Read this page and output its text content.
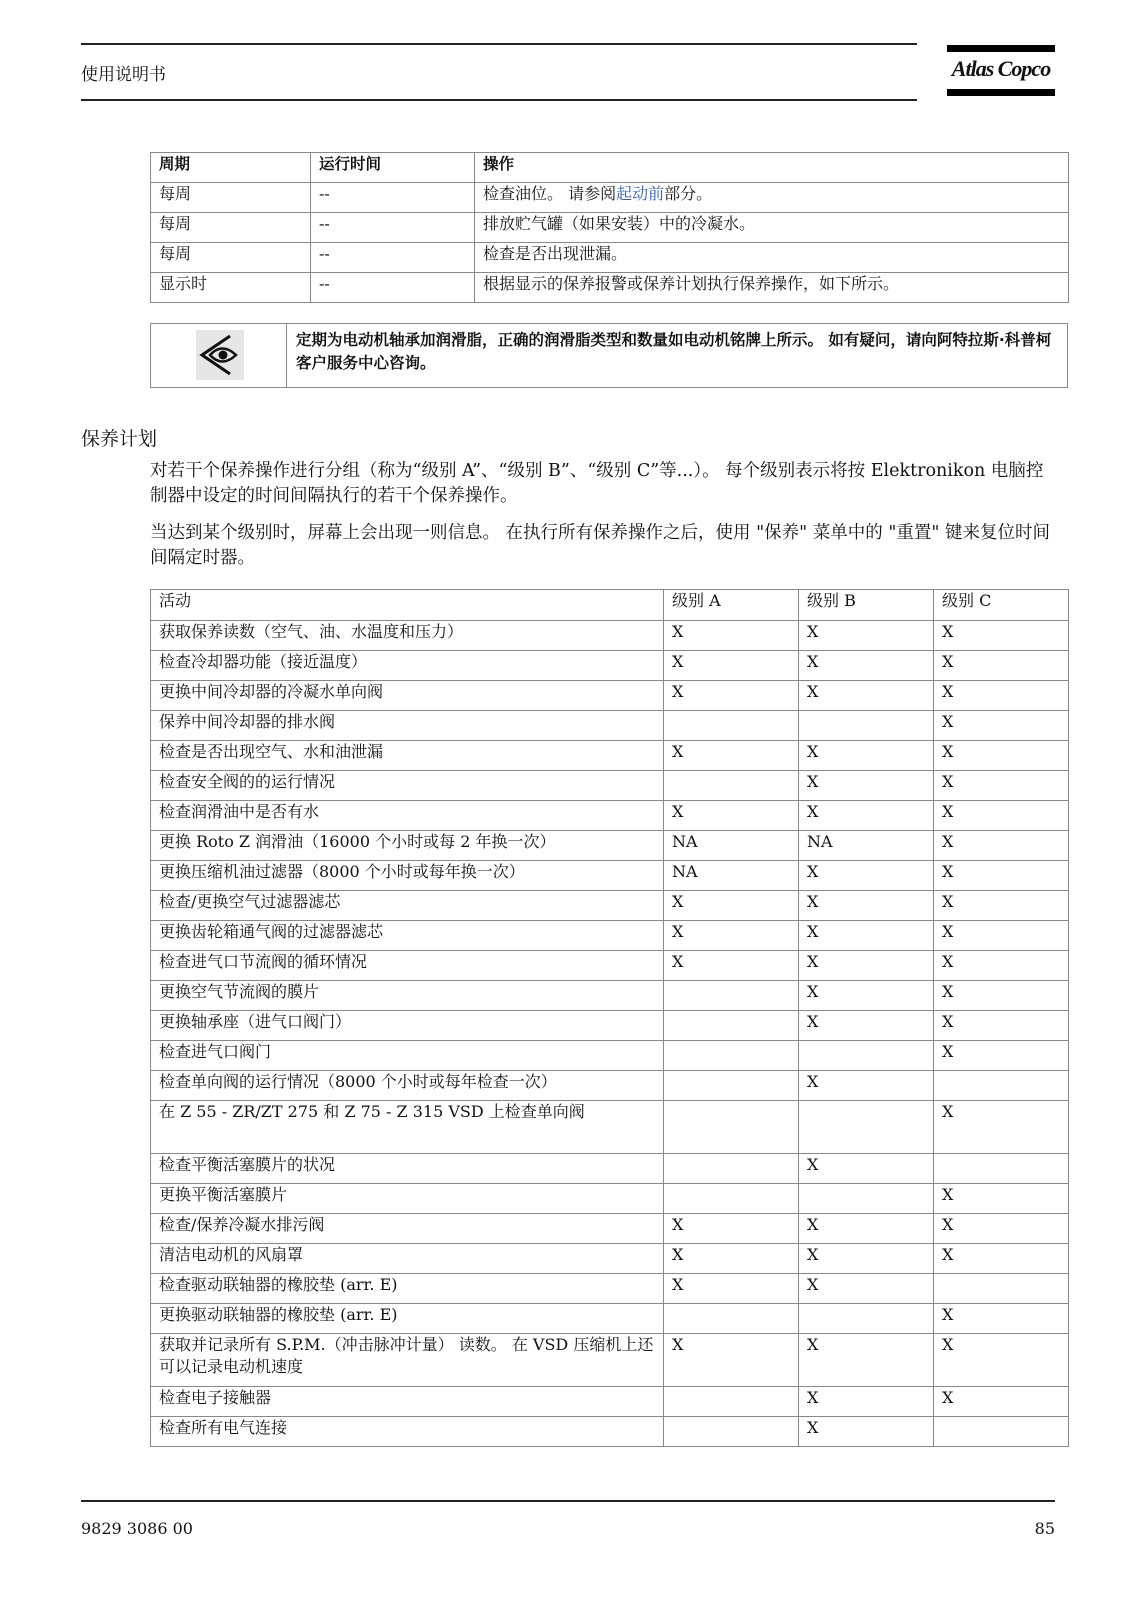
使用说明书	Atlas Copco
周期	运行时间	操作
每周	--	检查油位。 请参阅起动前部分。
每周	--	排放贮气罐（如果安装）中的冷凝水。
每周	--	检查是否出现泄漏。
显示时	--	根据显示的保养报警或保养计划执行保养操作，如下所示。
定期为电动机轴承加润滑脂，正确的润滑脂类型和数量如电动机铭牌上所示。 如有疑问，请向阿特拉斯·科普柯客户服务中心咨询。
保养计划
对若干个保养操作进行分组（称为“级别 A”、“级别 B”、“级别 C”等...）。 每个级别表示将按 Elektronikon 电脑控制器中设定的时间间隔执行的若干个保养操作。
当达到某个级别时，屏幕上会出现一则信息。 在执行所有保养操作之后，使用 "保养" 菜单中的 "重置" 键来复位时间间隔定时器。
活动	级别 A	级别 B	级别 C
获取保养读数（空气、油、水温度和压力）	X	X	X
检查冷却器功能（接近温度）	X	X	X
更换中间冷却器的冷凝水单向阀	X	X	X
保养中间冷却器的排水阀			X
检查是否出现空气、水和油泄漏	X	X	X
检查安全阀的的运行情况		X	X
检查润滑油中是否有水	X	X	X
更换 Roto Z 润滑油（16000 个小时或每 2 年换一次）	NA	NA	X
更换压缩机油过滤器（8000 个小时或每年换一次）	NA	X	X
检查/更换空气过滤器滤芯	X	X	X
更换齿轮箱通气阀的过滤器滤芯	X	X	X
检查进气口节流阀的循环情况	X	X	X
更换空气节流阀的膜片		X	X
更换轴承座（进气口阀门）		X	X
检查进气口阀门			X
检查单向阀的运行情况（8000 个小时或每年检查一次）		X	
在 Z 55 - ZR/ZT 275 和 Z 75 - Z 315 VSD 上检查单向阀			X
检查平衡活塞膜片的状况		X	
更换平衡活塞膜片			X
检查/保养冷凝水排污阀	X	X	X
清洁电动机的风扇罩	X	X	X
检查驱动联轴器的橡胶垫 (arr. E)	X	X	
更换驱动联轴器的橡胶垫 (arr. E)			X
获取并记录所有 S.P.M.（冲击脉冲计量） 读数。 在 VSD 压缩机上还可以记录电动机速度	X	X	X
检查电子接触器		X	X
检查所有电气连接		X	
9829 3086 00	85
